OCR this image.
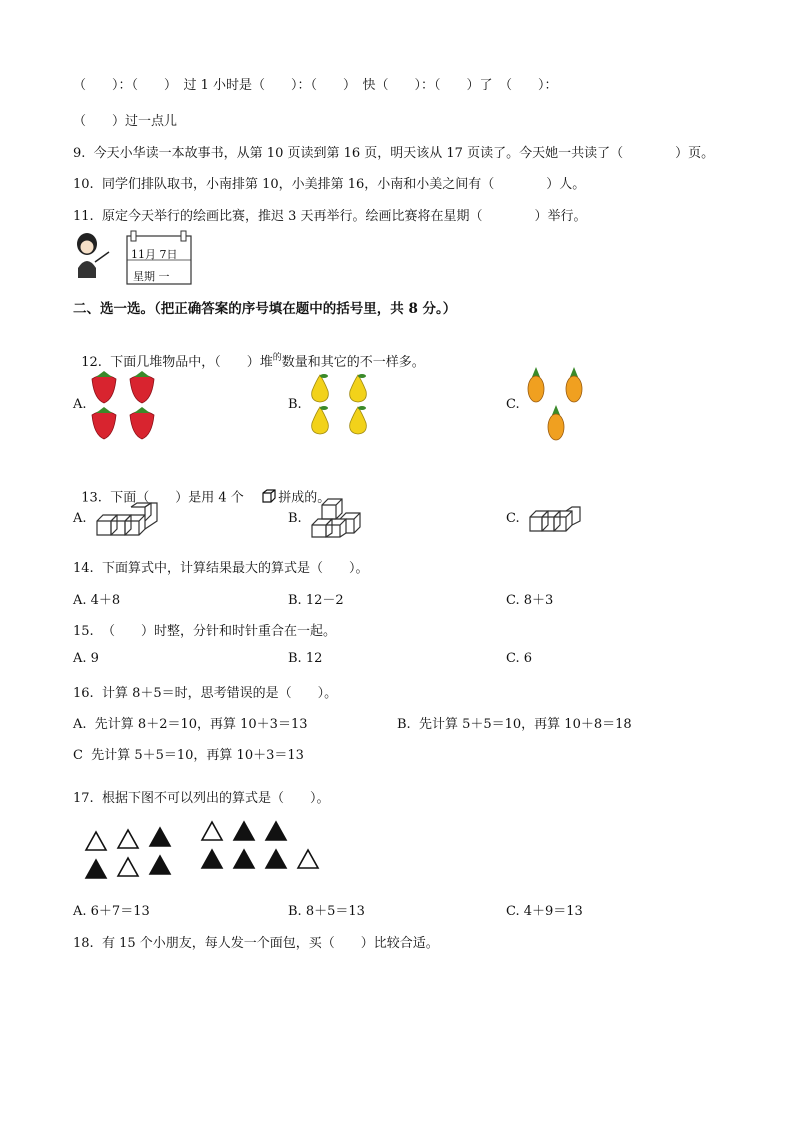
（　　）：（　　）　过 1 小时是（　　）：（　　）　快（　　）：（　　）了　（　　）：
（　　）过一点儿
9.  今天小华读一本故事书，从第 10 页读到第 16 页，明天该从 17 页读了。今天她一共读了（　　　　）页。
10.  同学们排队取书，小南排第 10，小美排第 16，小南和小美之间有（　　　　）人。
11.  原定今天举行的绘画比赛，推迟 3 天再举行。绘画比赛将在星期（　　　　）举行。
11月 7日
星期 一
二、选一选。（把正确答案的序号填在题中的括号里，共 8 分。）

12.  下面几堆物品中，（　　）堆$^的$数量和其它的不一样多。

A.	B.	C.

13.  下面（　　）是用 4 个
	拼成的。

A.	B.	C.
14.  下面算式中，计算结果最大的算式是（　　）。
A. 4＋8	B. 12－2	C. 8＋3
15.  （　　）时整，分针和时针重合在一起。
A. 9	B. 12	C. 6
16.  计算 8＋5＝时，思考错误的是（　　）。
A.  先计算 8＋2＝10，再算 10＋3＝13	B.  先计算 5＋5＝10，再算 10＋8＝18
C  先计算 5＋5＝10，再算 10＋3＝13
17.  根据下图不可以列出的算式是（　　）。
A. 6＋7＝13	B. 8＋5＝13	C. 4＋9＝13
18.  有 15 个小朋友，每人发一个面包，买（　　）比较合适。
